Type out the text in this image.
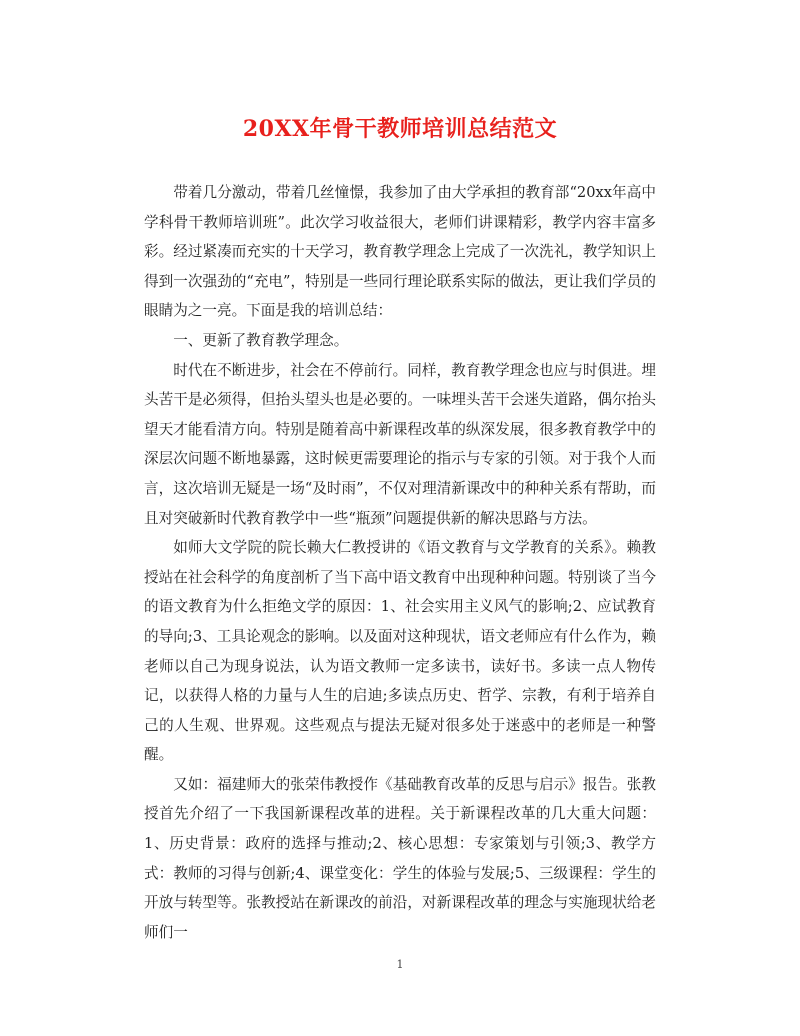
20XX年骨干教师培训总结范文

带着几分激动，带着几丝憧憬，我参加了由大学承担的教育部“20xx年高中学科骨干教师培训班”。此次学习收益很大，老师们讲课精彩，教学内容丰富多彩。经过紧凑而充实的十天学习，教育教学理念上完成了一次洗礼，教学知识上得到一次强劲的“充电”，特别是一些同行理论联系实际的做法，更让我们学员的眼睛为之一亮。下面是我的培训总结：

一、更新了教育教学理念。

时代在不断进步，社会在不停前行。同样，教育教学理念也应与时俱进。埋头苦干是必须得，但抬头望头也是必要的。一味埋头苦干会迷失道路，偶尔抬头望天才能看清方向。特别是随着高中新课程改革的纵深发展，很多教育教学中的深层次问题不断地暴露，这时候更需要理论的指示与专家的引领。对于我个人而言，这次培训无疑是一场“及时雨”，不仅对理清新课改中的种种关系有帮助，而且对突破新时代教育教学中一些“瓶颈”问题提供新的解决思路与方法。

如师大文学院的院长赖大仁教授讲的《语文教育与文学教育的关系》。赖教授站在社会科学的角度剖析了当下高中语文教育中出现种种问题。特别谈了当今的语文教育为什么拒绝文学的原因：1、社会实用主义风气的影响;2、应试教育的导向;3、工具论观念的影响。以及面对这种现状，语文老师应有什么作为，赖老师以自己为现身说法，认为语文教师一定多读书，读好书。多读一点人物传记，以获得人格的力量与人生的启迪;多读点历史、哲学、宗教，有利于培养自己的人生观、世界观。这些观点与提法无疑对很多处于迷惑中的老师是一种警醒。

又如：福建师大的张荣伟教授作《基础教育改革的反思与启示》报告。张教授首先介绍了一下我国新课程改革的进程。关于新课程改革的几大重大问题：1、历史背景：政府的选择与推动;2、核心思想：专家策划与引领;3、教学方式：教师的习得与创新;4、课堂变化：学生的体验与发展;5、三级课程：学生的开放与转型等。张教授站在新课改的前沿，对新课程改革的理念与实施现状给老师们一

1
